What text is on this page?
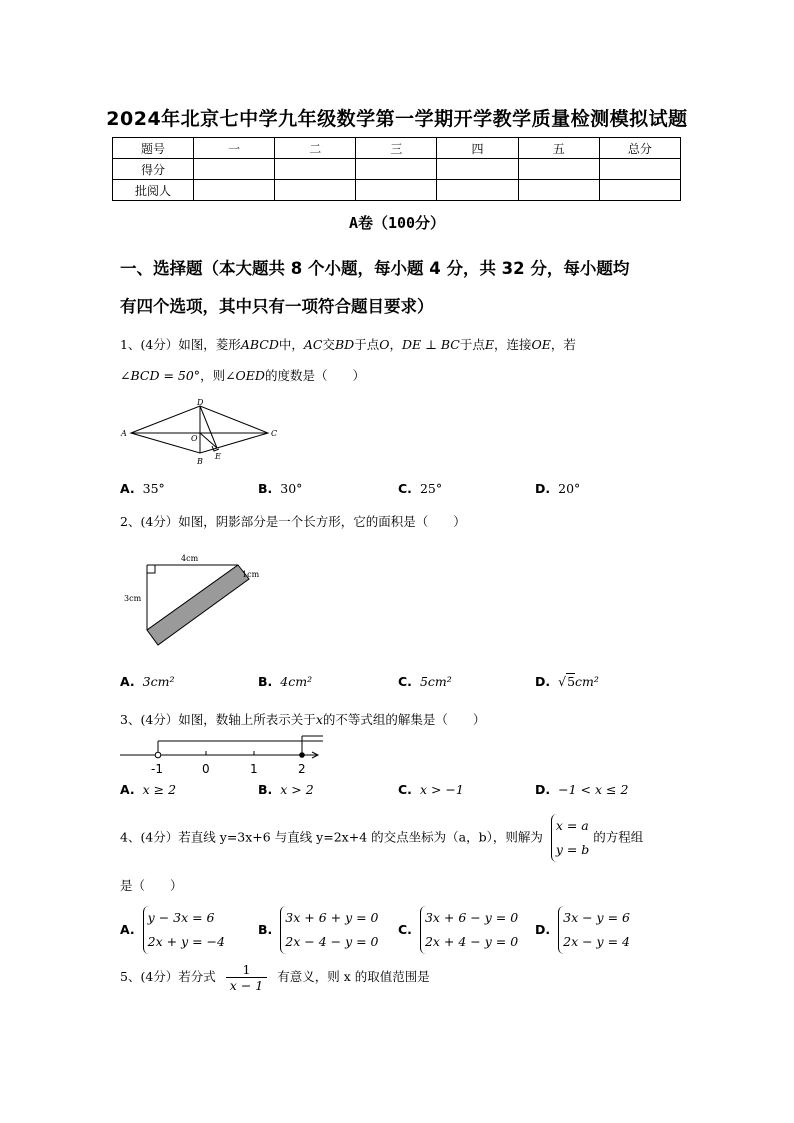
2024年北京七中学九年级数学第一学期开学教学质量检测模拟试题
题号	一	二	三	四	五	总分
得分						
批阅人						
A卷（100分）
一、选择题（本大题共 8 个小题，每小题 4 分，共 32 分，每小题均
有四个选项，其中只有一项符合题目要求）
1、(4分）如图，菱形ABCD中，AC交BD于点O，DE ⊥ BC于点E，连接OE，若
∠BCD = 50°，则∠OED的度数是（　　）
A
D
C
B
O
E
A. 35°	B. 30°	C. 25°	D. 20°
2、(4分）如图，阴影部分是一个长方形，它的面积是（　　）
4cm
3cm
1cm
A. 3cm²	B. 4cm²	C. 5cm²	D. √5cm²
3、(4分）如图，数轴上所表示关于x的不等式组的解集是（　　）
-1	0	1	2
A. x ≥ 2	B. x > 2	C. x > −1	D. −1 < x ≤ 2
4、(4分）若直线 y=3x+6 与直线 y=2x+4 的交点坐标为（a，b），则解为 x = a
y = b 的方程组
是（　　）
A.y − 3x = 6
2x + y = −4
B.3x + 6 + y = 0
2x − 4 − y = 0
C.3x + 6 − y = 0
2x + 4 − y = 0
D.3x − y = 6
2x − y = 4
5、(4分）若分式 $\frac{1}{x - 1}$ 有意义，则 x 的取值范围是
